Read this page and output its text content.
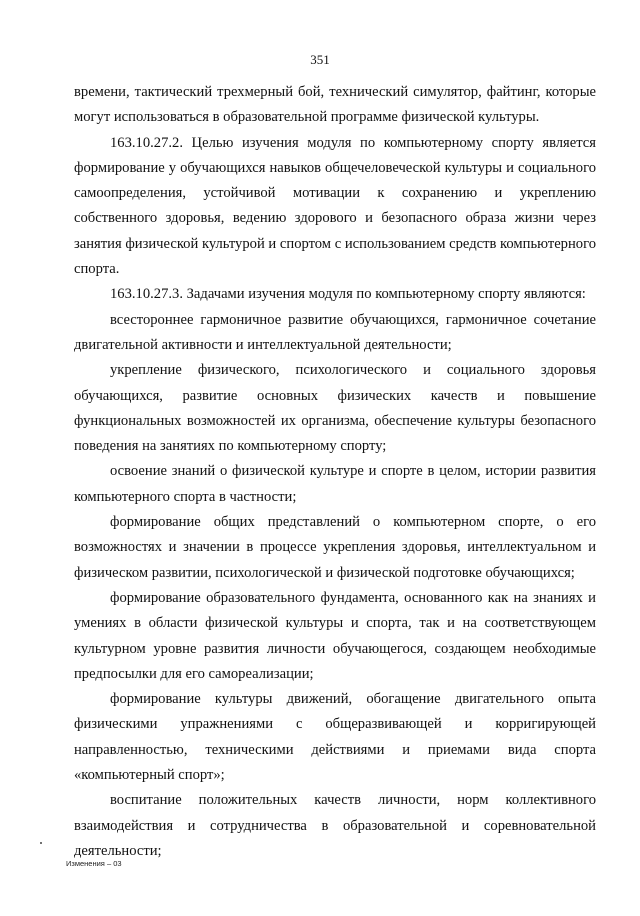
351

времени, тактический трехмерный бой, технический симулятор, файтинг, которые могут использоваться в образовательной программе физической культуры.

163.10.27.2. Целью изучения модуля по компьютерному спорту является формирование у обучающихся навыков общечеловеческой культуры и социального самоопределения, устойчивой мотивации к сохранению и укреплению собственного здоровья, ведению здорового и безопасного образа жизни через занятия физической культурой и спортом с использованием средств компьютерного спорта.

163.10.27.3. Задачами изучения модуля по компьютерному спорту являются:

всестороннее гармоничное развитие обучающихся, гармоничное сочетание двигательной активности и интеллектуальной деятельности;

укрепление физического, психологического и социального здоровья обучающихся, развитие основных физических качеств и повышение функциональных возможностей их организма, обеспечение культуры безопасного поведения на занятиях по компьютерному спорту;

освоение знаний о физической культуре и спорте в целом, истории развития компьютерного спорта в частности;

формирование общих представлений о компьютерном спорте, о его возможностях и значении в процессе укрепления здоровья, интеллектуальном и физическом развитии, психологической и физической подготовке обучающихся;

формирование образовательного фундамента, основанного как на знаниях и умениях в области физической культуры и спорта, так и на соответствующем культурном уровне развития личности обучающегося, создающем необходимые предпосылки для его самореализации;

формирование культуры движений, обогащение двигательного опыта физическими упражнениями с общеразвивающей и корригирующей направленностью, техническими действиями и приемами вида спорта «компьютерный спорт»;

воспитание положительных качеств личности, норм коллективного взаимодействия и сотрудничества в образовательной и соревновательной деятельности;

Изменения – 03
